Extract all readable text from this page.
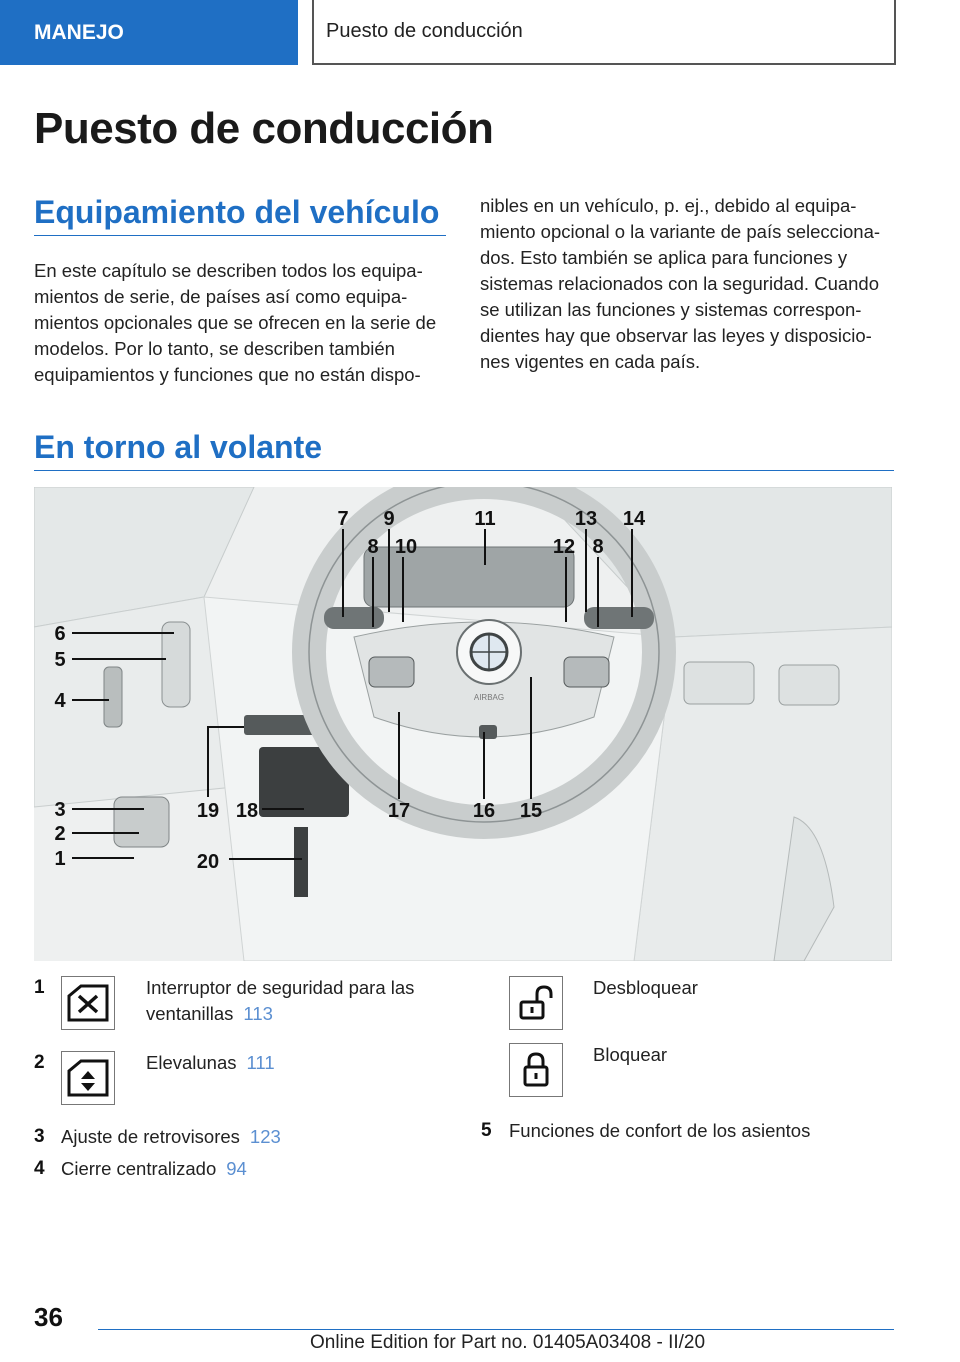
MANEJO	Puesto de conducción
Puesto de conducción
Equipamiento del vehículo
En este capítulo se describen todos los equipa-
mientos de serie, de países así como equipa-
mientos opcionales que se ofrecen en la serie de
modelos. Por lo tanto, se describen también
equipamientos y funciones que no están dispo-
nibles en un vehículo, p. ej., debido al equipa-
miento opcional o la variante de país selecciona-
dos. Esto también se aplica para funciones y
sistemas relacionados con la seguridad. Cuando
se utilizan las funciones y sistemas correspon-
dientes hay que observar las leyes y disposicio-
nes vigentes en cada país.
En torno al volante
AIRBAG
7 9	11	13 14
8 10	12 8
6
5
4
3
2
1
19 18	17	16 15
20
1	Interruptor de seguridad para las
ventanillas 113
2	Elevalunas 111
3 Ajuste de retrovisores 123
4 Cierre centralizado 94
Desbloquear
Bloquear
5 Funciones de confort de los asientos
36
Online Edition for Part no. 01405A03408 - II/20
